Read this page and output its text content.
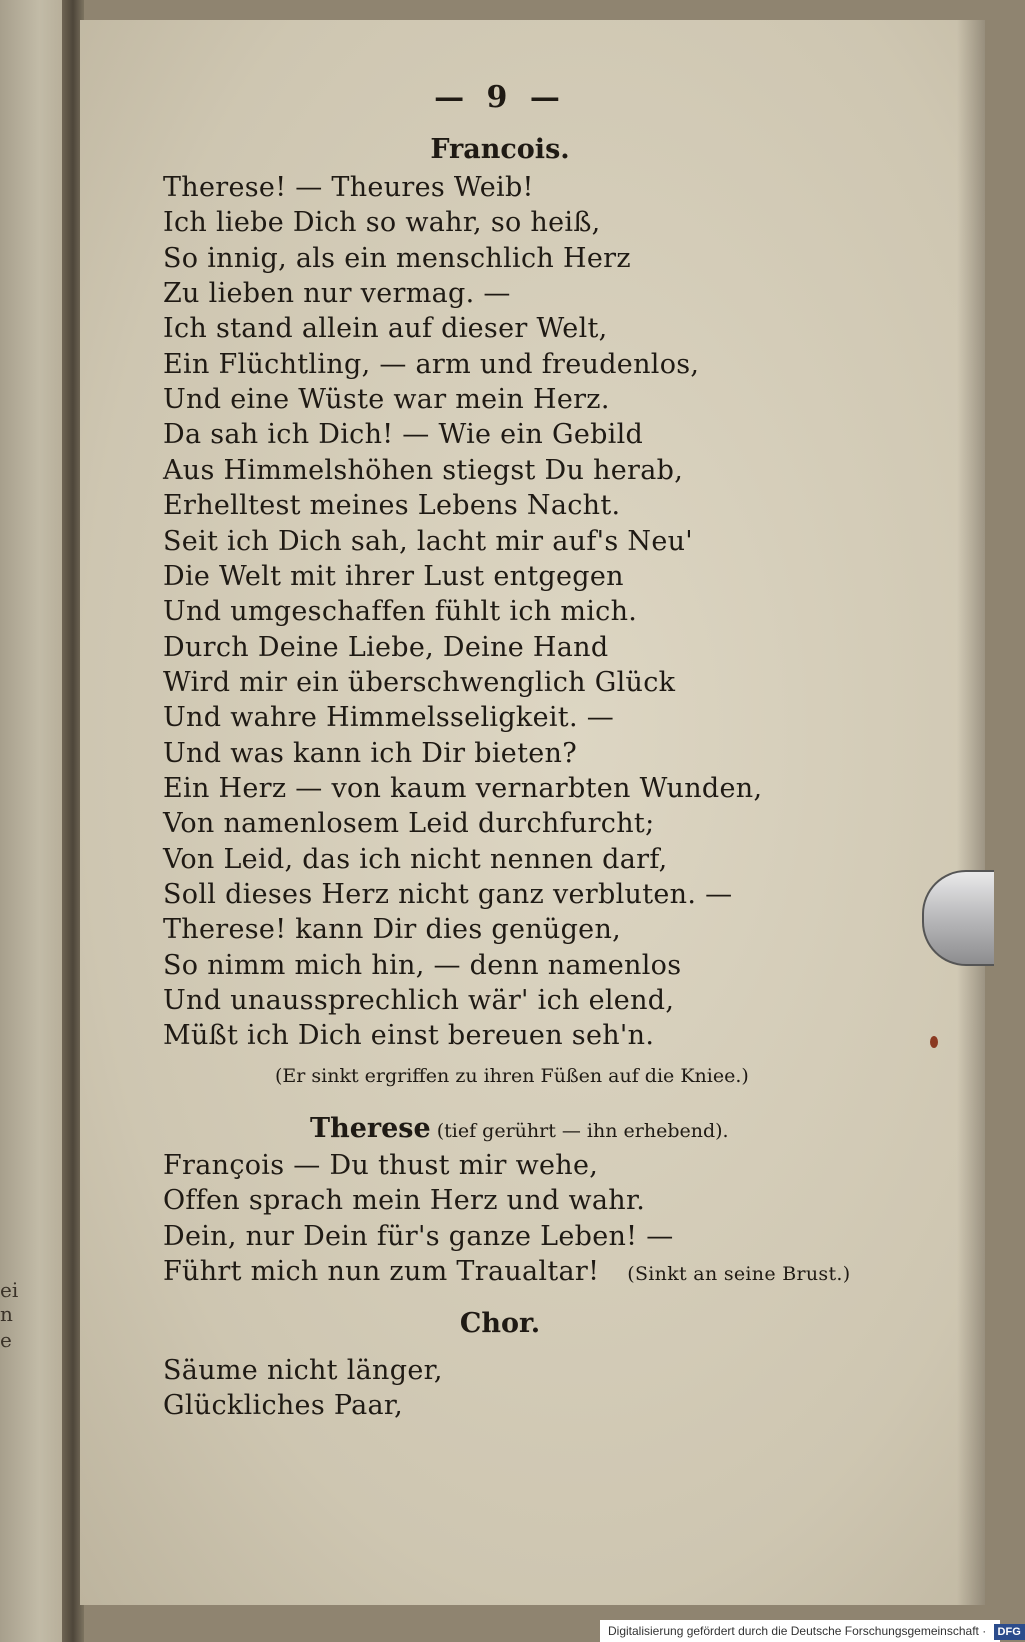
ei
n
e
— 9 —
Francois.
Therese! — Theures Weib!
Ich liebe Dich so wahr, so heiß,
So innig, als ein menschlich Herz
Zu lieben nur vermag. —
Ich stand allein auf dieser Welt,
Ein Flüchtling, — arm und freudenlos,
Und eine Wüste war mein Herz.
Da sah ich Dich! — Wie ein Gebild
Aus Himmelshöhen stiegst Du herab,
Erhelltest meines Lebens Nacht.
Seit ich Dich sah, lacht mir auf's Neu'
Die Welt mit ihrer Lust entgegen
Und umgeschaffen fühlt ich mich.
Durch Deine Liebe, Deine Hand
Wird mir ein überschwenglich Glück
Und wahre Himmelsseligkeit. —
Und was kann ich Dir bieten?
Ein Herz — von kaum vernarbten Wunden,
Von namenlosem Leid durchfurcht;
Von Leid, das ich nicht nennen darf,
Soll dieses Herz nicht ganz verbluten. —
Therese! kann Dir dies genügen,
So nimm mich hin, — denn namenlos
Und unaussprechlich wär' ich elend,
Müßt ich Dich einst bereuen seh'n.
(Er sinkt ergriffen zu ihren Füßen auf die Kniee.)
Therese (tief gerührt — ihn erhebend).
François — Du thust mir wehe,
Offen sprach mein Herz und wahr.
Dein, nur Dein für's ganze Leben! —
Führt mich nun zum Traualtar! (Sinkt an seine Brust.)
Chor.
Säume nicht länger,
Glückliches Paar,
Digitalisierung gefördert durch die Deutsche Forschungsgemeinschaft · DFG
